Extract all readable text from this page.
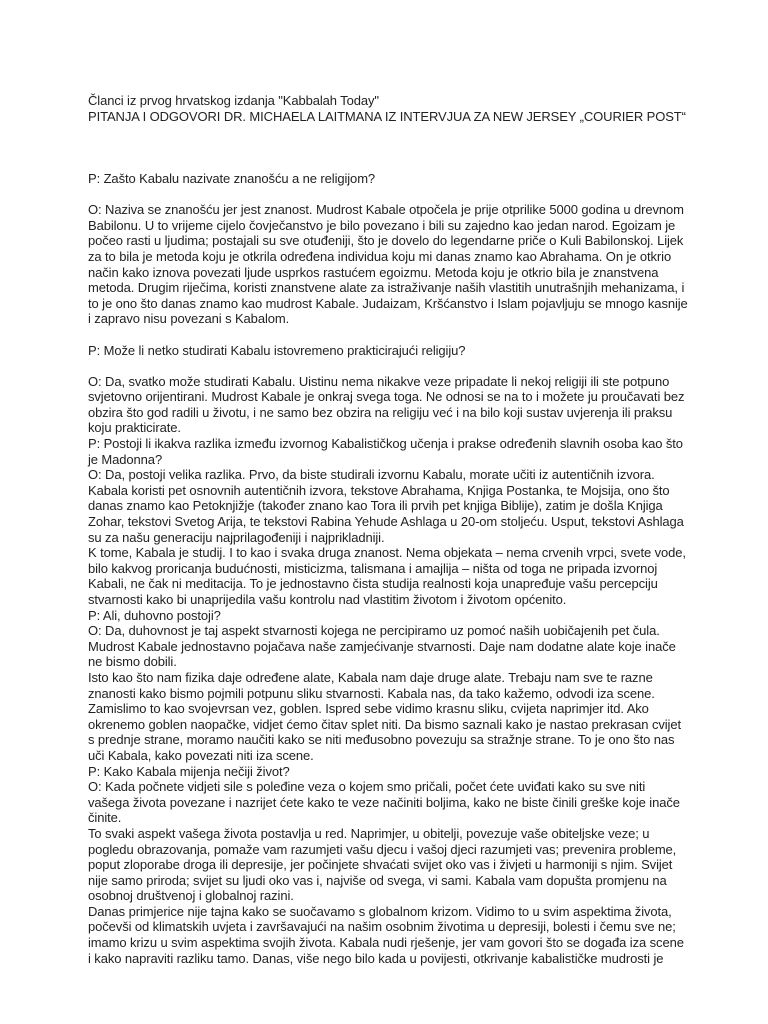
Članci iz prvog hrvatskog izdanja "Kabbalah Today"

PITANJA I ODGOVORI DR. MICHAELA LAITMANA IZ INTERVJUA ZA NEW JERSEY „COURIER POST“

P: Zašto Kabalu nazivate znanošću a ne religijom?

O: Naziva se znanošću jer jest znanost. Mudrost Kabale otpočela je prije otprilike 5000 godina u drevnom Babilonu. U to vrijeme cijelo čovječanstvo je bilo povezano i bili su zajedno kao jedan narod. Egoizam je počeo rasti u ljudima; postajali su sve otuđeniji, što je dovelo do legendarne priče o Kuli Babilonskoj. Lijek za to bila je metoda koju je otkrila određena individua koju mi danas znamo kao Abrahama. On je otkrio način kako iznova povezati ljude usprkos rastućem egoizmu. Metoda koju je otkrio bila je znanstvena metoda. Drugim riječima, koristi znanstvene alate za istraživanje naših vlastitih unutrašnjih mehanizama, i to je ono što danas znamo kao mudrost Kabale. Judaizam, Kršćanstvo i Islam pojavljuju se mnogo kasnije i zapravo nisu povezani s Kabalom.

P: Može li netko studirati Kabalu istovremeno prakticirajući religiju?

O: Da, svatko može studirati Kabalu. Uistinu nema nikakve veze pripadate li nekoj religiji ili ste potpuno svjetovno orijentirani. Mudrost Kabale je onkraj svega toga. Ne odnosi se na to i možete ju proučavati bez obzira što god radili u životu, i ne samo bez obzira na religiju već i na bilo koji sustav uvjerenja ili praksu koju prakticirate.

P: Postoji li ikakva razlika između izvornog Kabalističkog učenja i prakse određenih slavnih osoba kao što je Madonna?

O: Da, postoji velika razlika. Prvo, da biste studirali izvornu Kabalu, morate učiti iz autentičnih izvora. Kabala koristi pet osnovnih autentičnih izvora, tekstove Abrahama, Knjiga Postanka, te Mojsija, ono što danas znamo kao Petoknjižje (također znano kao Tora ili prvih pet knjiga Biblije), zatim je došla Knjiga Zohar, tekstovi Svetog Arija, te tekstovi Rabina Yehude Ashlaga u 20-om stoljeću. Usput, tekstovi Ashlaga su za našu generaciju najprilagođeniji i najprikladniji.

K tome, Kabala je studij. I to kao i svaka druga znanost. Nema objekata – nema crvenih vrpci, svete vode, bilo kakvog proricanja budućnosti, misticizma, talismana i amajlija – ništa od toga ne pripada izvornoj Kabali, ne čak ni meditacija. To je jednostavno čista studija realnosti koja unapređuje vašu percepciju stvarnosti kako bi unaprijedila vašu kontrolu nad vlastitim životom i životom općenito.

P: Ali, duhovno postoji?

O: Da, duhovnost je taj aspekt stvarnosti kojega ne percipiramo uz pomoć naših uobičajenih pet čula. Mudrost Kabale jednostavno pojačava naše zamjećivanje stvarnosti. Daje nam dodatne alate koje inače ne bismo dobili.

Isto kao što nam fizika daje određene alate, Kabala nam daje druge alate. Trebaju nam sve te razne znanosti kako bismo pojmili potpunu sliku stvarnosti. Kabala nas, da tako kažemo, odvodi iza scene. Zamislimo to kao svojevrsan vez, goblen. Ispred sebe vidimo krasnu sliku, cvijeta naprimjer itd. Ako okrenemo goblen naopačke, vidjet ćemo čitav splet niti. Da bismo saznali kako je nastao prekrasan cvijet s prednje strane, moramo naučiti kako se niti međusobno povezuju sa stražnje strane. To je ono što nas uči Kabala, kako povezati niti iza scene.

P: Kako Kabala mijenja nečiji život?

O: Kada počnete vidjeti sile s poleđine veza o kojem smo pričali, počet ćete uviđati kako su sve niti vašega života povezane i nazrijet ćete kako te veze načiniti boljima, kako ne biste činili greške koje inače činite.

To svaki aspekt vašega života postavlja u red. Naprimjer, u obitelji, povezuje vaše obiteljske veze; u pogledu obrazovanja, pomaže vam razumjeti vašu djecu i vašoj djeci razumjeti vas; prevenira probleme, poput zloporabe droga ili depresije, jer počinjete shvaćati svijet oko vas i živjeti u harmoniji s njim. Svijet nije samo priroda; svijet su ljudi oko vas i, najviše od svega, vi sami. Kabala vam dopušta promjenu na osobnoj društvenoj i globalnoj razini.

Danas primjerice nije tajna kako se suočavamo s globalnom krizom. Vidimo to u svim aspektima života, počevši od klimatskih uvjeta i završavajući na našim osobnim životima u depresiji, bolesti i čemu sve ne; imamo krizu u svim aspektima svojih života. Kabala nudi rješenje, jer vam govori što se događa iza scene i kako napraviti razliku tamo. Danas, više nego bilo kada u povijesti, otkrivanje kabalističke mudrosti je
